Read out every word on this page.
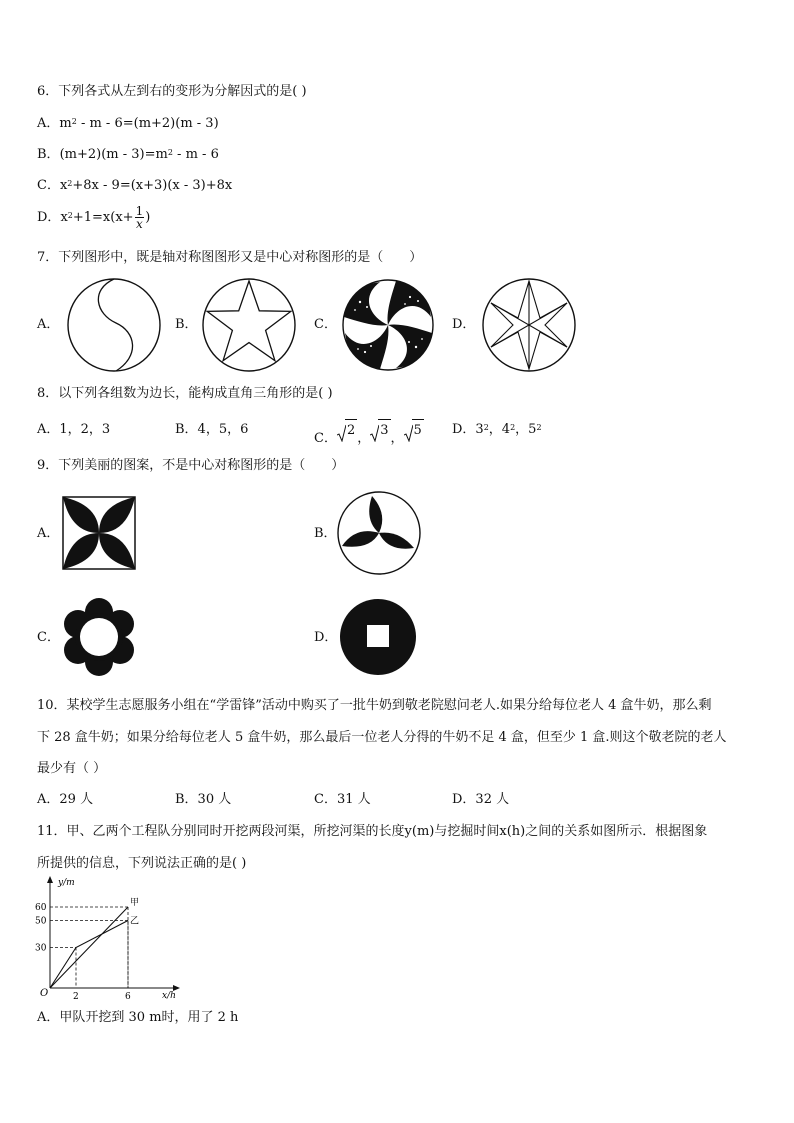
6．下列各式从左到右的变形为分解因式的是( )
A．$m^2 - m - 6=(m+2)(m - 3)$
B．$(m+2)(m - 3)=m^2 - m - 6$
C．$x^2+8x - 9=(x+3)(x - 3)+8x$
D．$x^2+1=x(x+ \frac{1}{x}$ )
7．下列图形中，既是轴对称图图形又是中心对称图形的是（　　）
A．	B．	C．	D．
8．以下列各组数为边长，能构成直角三角形的是( )
A．1，2，3	B．4，5，6
C．
2
，
3
，
5 D．$3^2$，$4^2$，$5^2$
9．下列美丽的图案，不是中心对称图形的是（　　）
A．	B．
C．	D．
10．某校学生志愿服务小组在“学雷锋”活动中购买了一批牛奶到敬老院慰问老人.如果分给每位老人 4 盒牛奶，那么剩
下 28 盒牛奶；如果分给每位老人 5 盒牛奶，那么最后一位老人分得的牛奶不足 4 盒，但至少 1 盒.则这个敬老院的老人
最少有（ ）
A．29 人	B．30 人	C．31 人	D．32 人
11．甲、乙两个工程队分别同时开挖两段河渠，所挖河渠的长度y(m)与挖掘时间x(h)之间的关系如图所示．根据图象
所提供的信息，下列说法正确的是( )
y/m
x/h
O	2	6
30
50
60	甲
乙
A．甲队开挖到 30 m时，用了 2 h
